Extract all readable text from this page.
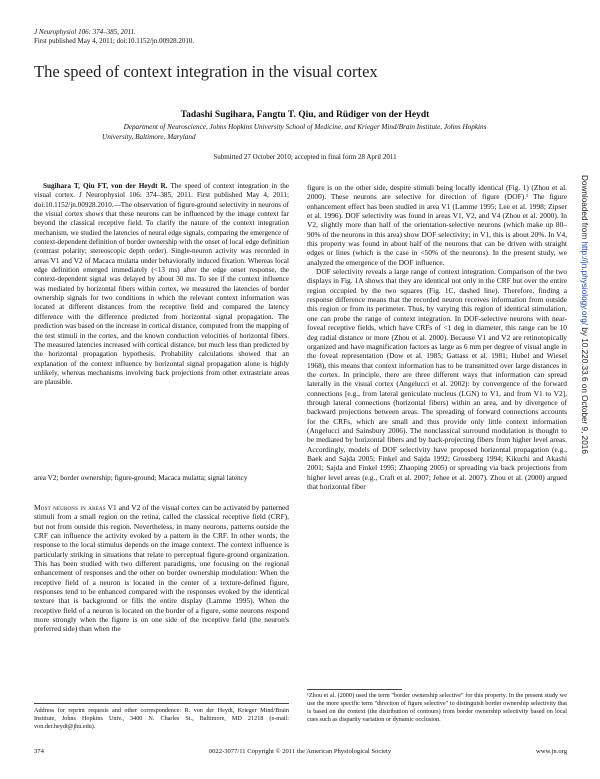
J Neurophysiol 106: 374–385, 2011.
First published May 4, 2011; doi:10.1152/jn.00928.2010.
The speed of context integration in the visual cortex
Tadashi Sugihara, Fangtu T. Qiu, and Rüdiger von der Heydt
Department of Neuroscience, Johns Hopkins University School of Medicine, and Krieger Mind/Brain Institute, Johns Hopkins
University, Baltimore, Maryland
Submitted 27 October 2010; accepted in final form 28 April 2011

Sugihara T, Qiu FT, von der Heydt R. The speed of context integration in the visual cortex. J Neurophysiol 106: 374–385, 2011. First published May 4, 2011; doi:10.1152/jn.00928.2010.—The observation of figure-ground selectivity in neurons of the visual cortex shows that these neurons can be influenced by the image context far beyond the classical receptive field. To clarify the nature of the context integration mechanism, we studied the latencies of neural edge signals, comparing the emergence of context-dependent definition of border ownership with the onset of local edge definition (contrast polarity; stereoscopic depth order). Single-neuron activity was recorded in areas V1 and V2 of Macaca mulatta under behaviorally induced fixation. Whereas local edge definition emerged immediately (<13 ms) after the edge onset response, the context-dependent signal was delayed by about 30 ms. To see if the context influence was mediated by horizontal fibers within cortex, we measured the latencies of border ownership signals for two conditions in which the relevant context information was located at different distances from the receptive field and compared the latency difference with the difference predicted from horizontal signal propagation. The prediction was based on the increase in cortical distance, computed from the mapping of the test stimuli in the cortex, and the known conduction velocities of horizontal fibers. The measured latencies increased with cortical distance, but much less than predicted by the horizontal propagation hypothesis. Probability calculations showed that an explanation of the context influence by horizontal signal propagation alone is highly unlikely, whereas mechanisms involving back projections from other extrastriate areas are plausible.

area V2; border ownership; figure-ground; Macaca mulatta; signal latency

Most neurons in areas V1 and V2 of the visual cortex can be activated by patterned stimuli from a small region on the retina, called the classical receptive field (CRF), but not from outside this region. Nevertheless, in many neurons, patterns outside the CRF can influence the activity evoked by a pattern in the CRF. In other words, the response to the local stimulus depends on the image context. The context influence is particularly striking in situations that relate to perceptual figure-ground organization. This has been studied with two different paradigms, one focusing on the regional enhancement of responses and the other on border ownership modulation: When the receptive field of a neuron is located in the center of a texture-defined figure, responses tend to be enhanced compared with the responses evoked by the identical texture that is background or fills the entire display (Lamme 1995). When the receptive field of a neuron is located on the border of a figure, some neurons respond more strongly when the figure is on one side of the receptive field (the neuron's preferred side) than when the

Address for reprint requests and other correspondence: R. von der Heydt, Krieger Mind/Brain Institute, Johns Hopkins Univ., 3400 N. Charles St., Baltimore, MD 21218 (e-mail: von.der.heydt@jhu.edu).

figure is on the other side, despite stimuli being locally identical (Fig. 1) (Zhou et al. 2000). These neurons are selective for direction of figure (DOF).¹ The figure enhancement effect has been studied in area V1 (Lamme 1995; Lee et al. 1998; Zipser et al. 1996). DOF selectivity was found in areas V1, V2, and V4 (Zhou et al. 2000). In V2, slightly more than half of the orientation-selective neurons (which make up 80–90% of the neurons in this area) show DOF selectivity; in V1, this is about 20%. In V4, this property was found in about half of the neurons that can be driven with straight edges or lines (which is the case in <50% of the neurons). In the present study, we analyzed the emergence of the DOF influence.

DOF selectivity reveals a large range of context integration. Comparison of the two displays in Fig. 1A shows that they are identical not only in the CRF but over the entire region occupied by the two squares (Fig. 1C, dashed line). Therefore, finding a response difference means that the recorded neuron receives information from outside this region or from its perimeter. Thus, by varying this region of identical stimulation, one can probe the range of context integration. In DOF-selective neurons with near-foveal receptive fields, which have CRFs of <1 deg in diameter, this range can be 10 deg radial distance or more (Zhou et al. 2000). Because V1 and V2 are retinotopically organized and have magnification factors as large as 6 mm per degree of visual angle in the foveal representation (Dow et al. 1985; Gattass et al. 1981; Hubel and Wiesel 1968), this means that context information has to be transmitted over large distances in the cortex. In principle, there are three different ways that information can spread laterally in the visual cortex (Angelucci et al. 2002): by convergence of the forward connections [e.g., from lateral geniculate nucleus (LGN) to V1, and from V1 to V2], through lateral connections (horizontal fibers) within an area, and by divergence of backward projections between areas. The spreading of forward connections accounts for the CRFs, which are small and thus provide only little context information (Angelucci and Sainsbury 2006). The nonclassical surround modulation is thought to be mediated by horizontal fibers and by back-projecting fibers from higher level areas. Accordingly, models of DOF selectivity have proposed horizontal propagation (e.g., Baek and Sajda 2005; Finkel and Sajda 1992; Grossberg 1994; Kikuchi and Akashi 2001; Sajda and Finkel 1995; Zhaoping 2005) or spreading via back projections from higher level areas (e.g., Craft et al. 2007; Jehee et al. 2007). Zhou et al. (2000) argued that horizontal fiber

¹Zhou et al. (2000) used the term "border ownership selective" for this property. In the present study we use the more specific term "direction of figure selective" to distinguish border ownership selectivity that is based on the context (the distribution of contours) from border ownership selectivity based on local cues such as disparity variation or dynamic occlusion.
374	0022-3077/11 Copyright © 2011 the American Physiological Society	www.jn.org
Downloaded from http://jn.physiology.org/ by 10.220.33.6 on October 9, 2016
